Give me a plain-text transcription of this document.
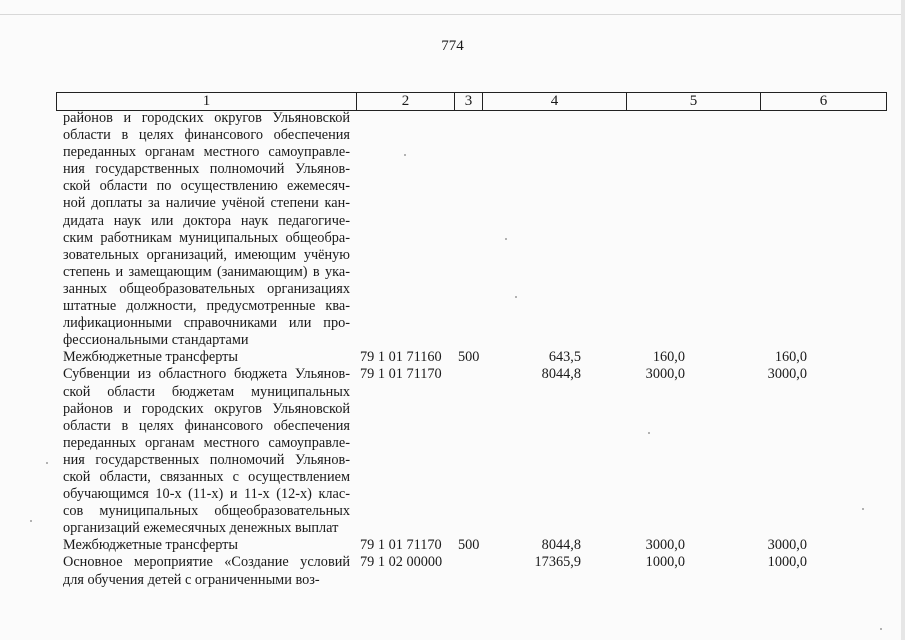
774
1	2	3	4	5	6
районов и городских округов Ульяновской
области в целях финансового обеспечения
переданных органам местного самоуправле-
ния государственных полномочий Ульянов-
ской области по осуществлению ежемесяч-
ной доплаты за наличие учёной степени кан-
дидата наук или доктора наук педагогиче-
ским работникам муниципальных общеобра-
зовательных организаций, имеющим учёную
степень и замещающим (занимающим) в ука-
занных общеобразовательных организациях
штатные должности, предусмотренные ква-
лификационными справочниками или про-
фессиональными стандартами
Межбюджетные трансферты	79 1 01 71160 500	643,5	160,0	160,0
Субвенции из областного бюджета Ульянов-
ской области бюджетам муниципальных
районов и городских округов Ульяновской
области в целях финансового обеспечения
переданных органам местного самоуправле-
ния государственных полномочий Ульянов-
ской области, связанных с осуществлением
обучающимся 10-х (11-х) и 11-х (12-х) клас-
сов муниципальных общеобразовательных
организаций ежемесячных денежных выплат
79 1 01 71170	8044,8	3000,0	3000,0
Межбюджетные трансферты	79 1 01 71170 500	8044,8	3000,0	3000,0
Основное мероприятие «Создание условий
для обучения детей с ограниченными воз-
79 1 02 00000	17365,9	1000,0	1000,0
